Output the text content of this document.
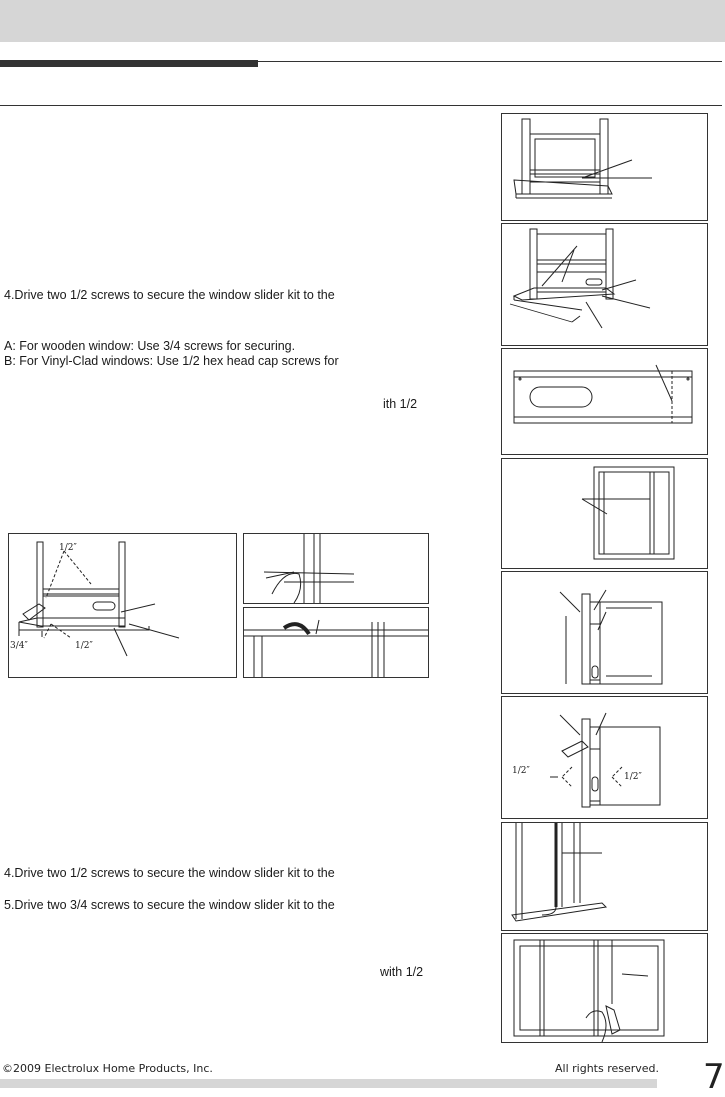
4.Drive two 1/2 screws to secure the window slider kit to the
A: For wooden window: Use 3/4 screws for securing.
B: For Vinyl-Clad windows: Use 1/2 hex head cap screws for
ith 1/2
4.Drive two 1/2 screws to secure the window slider kit to the
5.Drive two 3/4 screws to secure the window slider kit to the
with 1/2
1/2″
3/4″	1/2″
1/2″
1/2″
©2009 Electrolux Home Products, Inc.	All rights reserved. 7
